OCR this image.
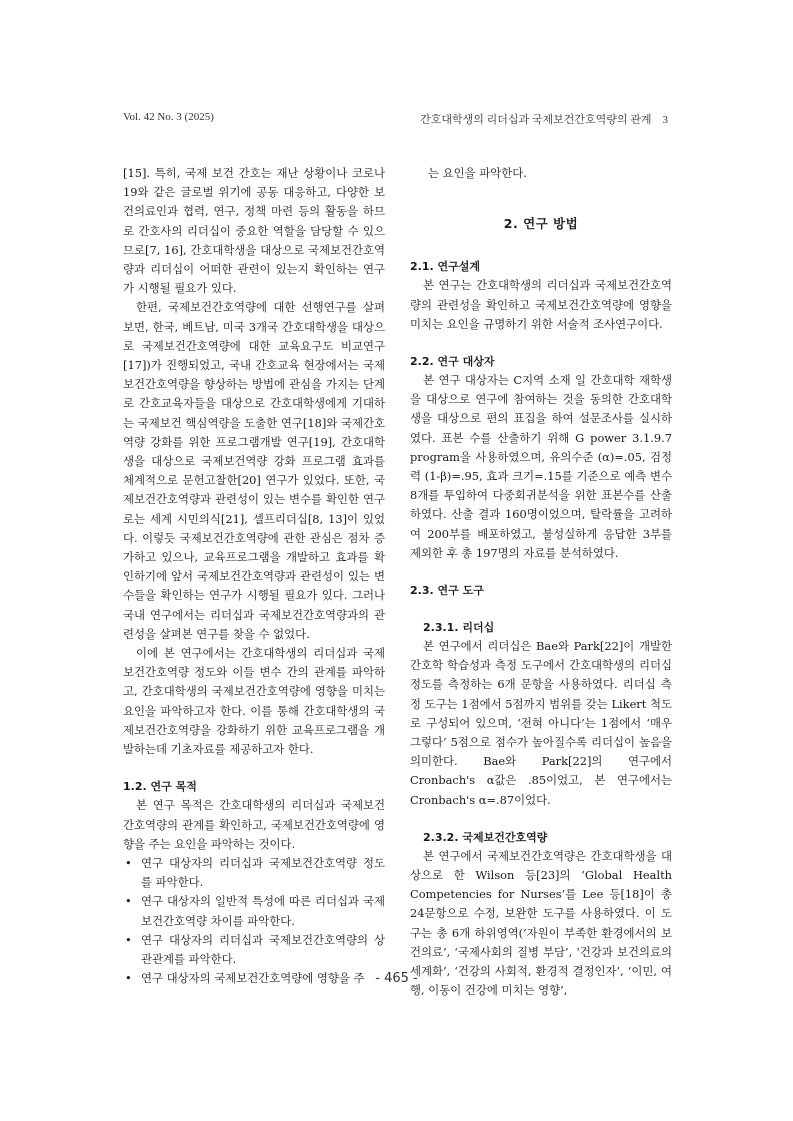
Vol. 42 No. 3 (2025)	간호대학생의 리더십과 국제보건간호역량의 관계    3

[15]. 특히, 국제 보건 간호는 재난 상황이나 코로나19와 같은 글로벌 위기에 공동 대응하고, 다양한 보건의료인과 협력, 연구, 정책 마련 등의 활동을 하므로 간호사의 리더십이 중요한 역할을 담당할 수 있으므로[7, 16], 간호대학생을 대상으로 국제보건간호역량과 리더십이 어떠한 관련이 있는지 확인하는 연구가 시행될 필요가 있다.

한편, 국제보건간호역량에 대한 선행연구를 살펴보면, 한국, 베트남, 미국 3개국 간호대학생을 대상으로 국제보건간호역량에 대한 교육요구도 비교연구[17])가 진행되었고, 국내 간호교육 현장에서는 국제보건간호역량을 향상하는 방법에 관심을 가지는 단계로 간호교육자들을 대상으로 간호대학생에게 기대하는 국제보건 핵심역량을 도출한 연구[18]와 국제간호역량 강화를 위한 프로그램개발 연구[19], 간호대학생을 대상으로 국제보건역량 강화 프로그램 효과를 체계적으로 문헌고찰한[20] 연구가 있었다. 또한, 국제보건간호역량과 관련성이 있는 변수를 확인한 연구로는 세계 시민의식[21], 셀프리더십[8, 13]이 있었다. 이렇듯 국제보건간호역량에 관한 관심은 점차 증가하고 있으나, 교육프로그램을 개발하고 효과를 확인하기에 앞서 국제보건간호역량과 관련성이 있는 변수들을 확인하는 연구가 시행될 필요가 있다. 그러나 국내 연구에서는 리더십과 국제보건간호역량과의 관련성을 살펴본 연구를 찾을 수 없었다.

이에 본 연구에서는 간호대학생의 리더십과 국제보건간호역량 정도와 이들 변수 간의 관계를 파악하고, 간호대학생의 국제보건간호역량에 영향을 미치는 요인을 파악하고자 한다. 이를 통해 간호대학생의 국제보건간호역량을 강화하기 위한 교육프로그램을 개발하는데 기초자료를 제공하고자 한다.

1.2. 연구 목적

본 연구 목적은 간호대학생의 리더십과 국제보건간호역량의 관계를 확인하고, 국제보건간호역량에 영향을 주는 요인을 파악하는 것이다.

• 연구 대상자의 리더십과 국제보건간호역량 정도를 파악한다.
• 연구 대상자의 일반적 특성에 따른 리더십과 국제보건간호역량 차이를 파악한다.
• 연구 대상자의 리더십과 국제보건간호역량의 상관관계를 파악한다.
• 연구 대상자의 국제보건간호역량에 영향을 주

는 요인을 파악한다.

2. 연구 방법
2.1. 연구설계

본 연구는 간호대학생의 리더십과 국제보건간호역량의 관련성을 확인하고 국제보건간호역량에 영향을 미치는 요인을 규명하기 위한 서술적 조사연구이다.

2.2. 연구 대상자

본 연구 대상자는 C지역 소재 일 간호대학 재학생을 대상으로 연구에 참여하는 것을 동의한 간호대학생을 대상으로 편의 표집을 하여 설문조사를 실시하였다. 표본 수를 산출하기 위해 G power 3.1.9.7 program을 사용하였으며, 유의수준 (α)=.05, 검정력 (1-β)=.95, 효과 크기=.15를 기준으로 예측 변수 8개를 투입하여 다중회귀분석을 위한 표본수를 산출하였다. 산출 결과 160명이었으며, 탈락률을 고려하여 200부를 배포하였고, 불성실하게 응답한 3부를 제외한 후 총 197명의 자료를 분석하였다.

2.3. 연구 도구
2.3.1. 리더십

본 연구에서 리더십은 Bae와 Park[22]이 개발한 간호학 학습성과 측정 도구에서 간호대학생의 리더십 정도를 측정하는 6개 문항을 사용하였다. 리더십 측정 도구는 1점에서 5점까지 범위를 갖는 Likert 척도로 구성되어 있으며, ‘전혀 아니다’는 1점에서 ‘매우 그렇다’ 5점으로 점수가 높아질수록 리더십이 높음을 의미한다. Bae와 Park[22]의 연구에서 Cronbach's α값은 .85이었고, 본 연구에서는 Cronbach's α=.87이었다.

2.3.2. 국제보건간호역량

본 연구에서 국제보건간호역량은 간호대학생을 대상으로 한 Wilson 등[23]의 ‘Global Health Competencies for Nurses’를 Lee 등[18]이 총 24문항으로 수정, 보완한 도구를 사용하였다. 이 도구는 총 6개 하위영역(‘자원이 부족한 환경에서의 보건의료’, ‘국제사회의 질병 부담’, ‘건강과 보건의료의 세계화’, ‘건강의 사회적, 환경적 결정인자’, ‘이민, 여행, 이동이 건강에 미치는 영향’,

- 465 -
